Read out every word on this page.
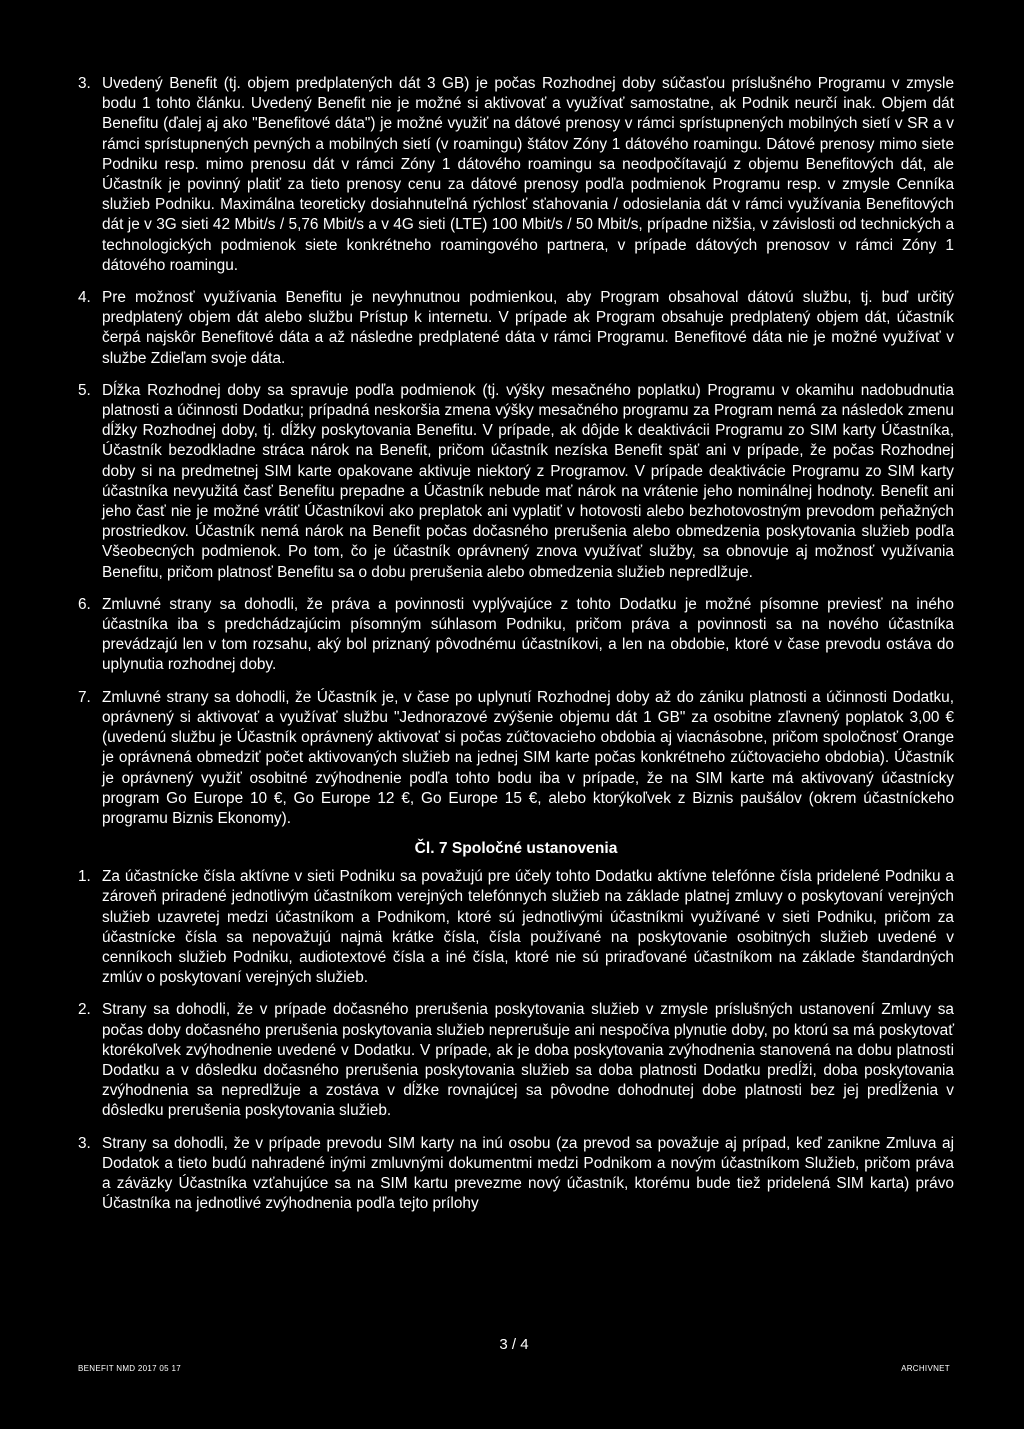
3. Uvedený Benefit (tj. objem predplatených dát 3 GB) je počas Rozhodnej doby súčasťou príslušného Programu v zmysle bodu 1 tohto článku. Uvedený Benefit nie je možné si aktivovať a využívať samostatne, ak Podnik neurčí inak. Objem dát Benefitu (ďalej aj ako "Benefitové dáta") je možné využiť na dátové prenosy v rámci sprístupnených mobilných sietí v SR a v rámci sprístupnených pevných a mobilných sietí (v roamingu) štátov Zóny 1 dátového roamingu. Dátové prenosy mimo siete Podniku resp. mimo prenosu dát v rámci Zóny 1 dátového roamingu sa neodpočítavajú z objemu Benefitových dát, ale Účastník je povinný platiť za tieto prenosy cenu za dátové prenosy podľa podmienok Programu resp. v zmysle Cenníka služieb Podniku. Maximálna teoreticky dosiahnuteľná rýchlosť sťahovania / odosielania dát v rámci využívania Benefitových dát je v 3G sieti 42 Mbit/s / 5,76 Mbit/s a v 4G sieti (LTE) 100 Mbit/s / 50 Mbit/s, prípadne nižšia, v závislosti od technických a technologických podmienok siete konkrétneho roamingového partnera, v prípade dátových prenosov v rámci Zóny 1 dátového roamingu.
4. Pre možnosť využívania Benefitu je nevyhnutnou podmienkou, aby Program obsahoval dátovú službu, tj. buď určitý predplatený objem dát alebo službu Prístup k internetu. V prípade ak Program obsahuje predplatený objem dát, účastník čerpá najskôr Benefitové dáta a až následne predplatené dáta v rámci Programu. Benefitové dáta nie je možné využívať v službe Zdieľam svoje dáta.
5. Dĺžka Rozhodnej doby sa spravuje podľa podmienok (tj. výšky mesačného poplatku) Programu v okamihu nadobudnutia platnosti a účinnosti Dodatku; prípadná neskoršia zmena výšky mesačného programu za Program nemá za následok zmenu dĺžky Rozhodnej doby, tj. dĺžky poskytovania Benefitu. V prípade, ak dôjde k deaktivácii Programu zo SIM karty Účastníka, Účastník bezodkladne stráca nárok na Benefit, pričom účastník nezíska Benefit späť ani v prípade, že počas Rozhodnej doby si na predmetnej SIM karte opakovane aktivuje niektorý z Programov. V prípade deaktivácie Programu zo SIM karty účastníka nevyužitá časť Benefitu prepadne a Účastník nebude mať nárok na vrátenie jeho nominálnej hodnoty. Benefit ani jeho časť nie je možné vrátiť Účastníkovi ako preplatok ani vyplatiť v hotovosti alebo bezhotovostným prevodom peňažných prostriedkov. Účastník nemá nárok na Benefit počas dočasného prerušenia alebo obmedzenia poskytovania služieb podľa Všeobecných podmienok. Po tom, čo je účastník oprávnený znova využívať služby, sa obnovuje aj možnosť využívania Benefitu, pričom platnosť Benefitu sa o dobu prerušenia alebo obmedzenia služieb nepredlžuje.
6. Zmluvné strany sa dohodli, že práva a povinnosti vyplývajúce z tohto Dodatku je možné písomne previesť na iného účastníka iba s predchádzajúcim písomným súhlasom Podniku, pričom práva a povinnosti sa na nového účastníka prevádzajú len v tom rozsahu, aký bol priznaný pôvodnému účastníkovi, a len na obdobie, ktoré v čase prevodu ostáva do uplynutia rozhodnej doby.
7. Zmluvné strany sa dohodli, že Účastník je, v čase po uplynutí Rozhodnej doby až do zániku platnosti a účinnosti Dodatku, oprávnený si aktivovať a využívať službu "Jednorazové zvýšenie objemu dát 1 GB" za osobitne zľavnený poplatok 3,00 € (uvedenú službu je Účastník oprávnený aktivovať si počas zúčtovacieho obdobia aj viacnásobne, pričom spoločnosť Orange je oprávnená obmedziť počet aktivovaných služieb na jednej SIM karte počas konkrétneho zúčtovacieho obdobia). Účastník je oprávnený využiť osobitné zvýhodnenie podľa tohto bodu iba v prípade, že na SIM karte má aktivovaný účastnícky program Go Europe 10 €, Go Europe 12 €, Go Europe 15 €, alebo ktorýkoľvek z Biznis paušálov (okrem účastníckeho programu Biznis Ekonomy).
Čl. 7 Spoločné ustanovenia
1. Za účastnícke čísla aktívne v sieti Podniku sa považujú pre účely tohto Dodatku aktívne telefónne čísla pridelené Podniku a zároveň priradené jednotlivým účastníkom verejných telefónnych služieb na základe platnej zmluvy o poskytovaní verejných služieb uzavretej medzi účastníkom a Podnikom, ktoré sú jednotlivými účastníkmi využívané v sieti Podniku, pričom za účastnícke čísla sa nepovažujú najmä krátke čísla, čísla používané na poskytovanie osobitných služieb uvedené v cenníkoch služieb Podniku, audiotextové čísla a iné čísla, ktoré nie sú priraďované účastníkom na základe štandardných zmlúv o poskytovaní verejných služieb.
2. Strany sa dohodli, že v prípade dočasného prerušenia poskytovania služieb v zmysle príslušných ustanovení Zmluvy sa počas doby dočasného prerušenia poskytovania služieb neprerušuje ani nespočíva plynutie doby, po ktorú sa má poskytovať ktorékoľvek zvýhodnenie uvedené v Dodatku. V prípade, ak je doba poskytovania zvýhodnenia stanovená na dobu platnosti Dodatku a v dôsledku dočasného prerušenia poskytovania služieb sa doba platnosti Dodatku predĺži, doba poskytovania zvýhodnenia sa nepredlžuje a zostáva v dĺžke rovnajúcej sa pôvodne dohodnutej dobe platnosti bez jej predĺženia v dôsledku prerušenia poskytovania služieb.
3. Strany sa dohodli, že v prípade prevodu SIM karty na inú osobu (za prevod sa považuje aj prípad, keď zanikne Zmluva aj Dodatok a tieto budú nahradené inými zmluvnými dokumentmi medzi Podnikom a novým účastníkom Služieb, pričom práva a záväzky Účastníka vzťahujúce sa na SIM kartu prevezme nový účastník, ktorému bude tiež pridelená SIM karta) právo Účastníka na jednotlivé zvýhodnenia podľa tejto prílohy
3 / 4
BENEFIT NMD 2017 05 17	ARCHIVNET
